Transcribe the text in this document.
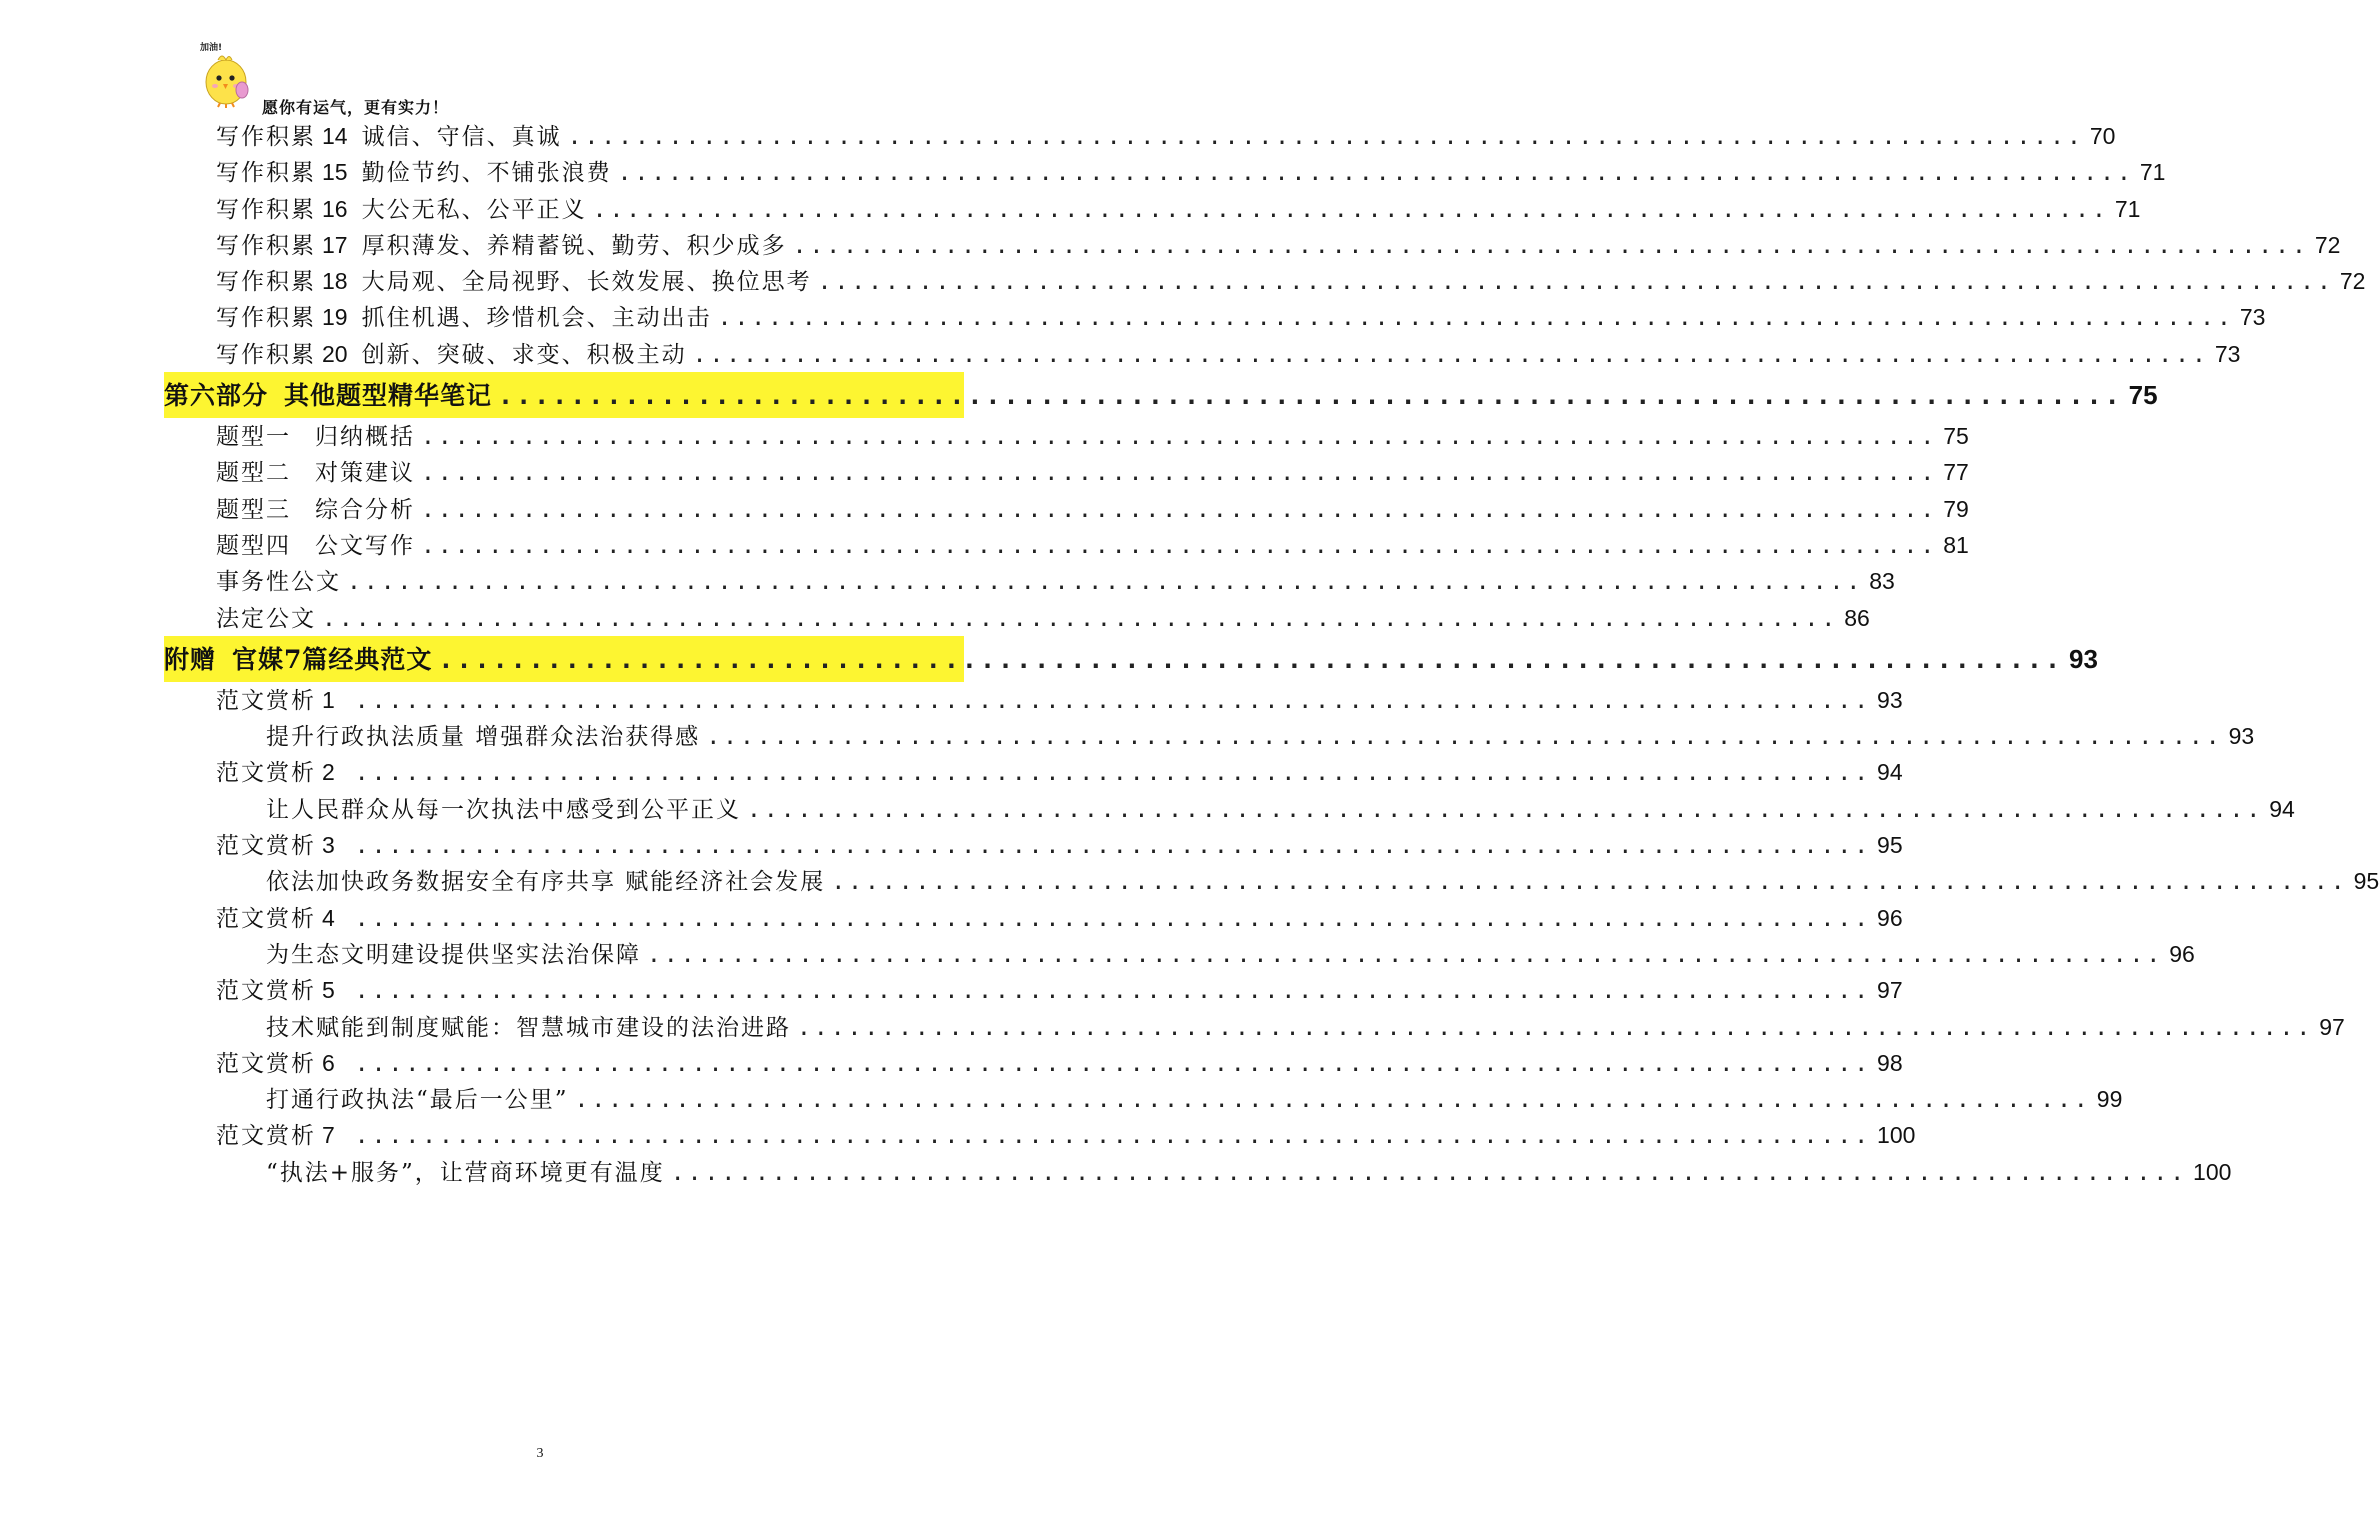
加油!
愿你有运气，更有实力！
写作积累 14 诚信、守信、真诚 .......................................................................................... 70
写作积累 15 勤俭节约、不铺张浪费 .......................................................................................... 71
写作积累 16 大公无私、公平正义 .......................................................................................... 71
写作积累 17 厚积薄发、养精蓄锐、勤劳、积少成多 .......................................................................................... 72
写作积累 18 大局观、全局视野、长效发展、换位思考 .......................................................................................... 72
写作积累 19 抓住机遇、珍惜机会、主动出击 .......................................................................................... 73
写作积累 20 创新、突破、求变、积极主动 .......................................................................................... 73
第六部分 其他题型精华笔记 .......................................................................................... 75
题型一 归纳概括 .......................................................................................... 75
题型二 对策建议 .......................................................................................... 77
题型三 综合分析 .......................................................................................... 79
题型四 公文写作 .......................................................................................... 81
事务性公文 .......................................................................................... 83
法定公文 .......................................................................................... 86
附赠 官媒7篇经典范文 .......................................................................................... 93
范文赏析 1 .......................................................................................... 93
提升行政执法质量 增强群众法治获得感 .......................................................................................... 93
范文赏析 2 .......................................................................................... 94
让人民群众从每一次执法中感受到公平正义 .......................................................................................... 94
范文赏析 3 .......................................................................................... 95
依法加快政务数据安全有序共享 赋能经济社会发展 .......................................................................................... 95
范文赏析 4 .......................................................................................... 96
为生态文明建设提供坚实法治保障 .......................................................................................... 96
范文赏析 5 .......................................................................................... 97
技术赋能到制度赋能：智慧城市建设的法治进路 .......................................................................................... 97
范文赏析 6 .......................................................................................... 98
打通行政执法“最后一公里” .......................................................................................... 99
范文赏析 7 .......................................................................................... 100
“执法+服务”，让营商环境更有温度 .......................................................................................... 100
3
